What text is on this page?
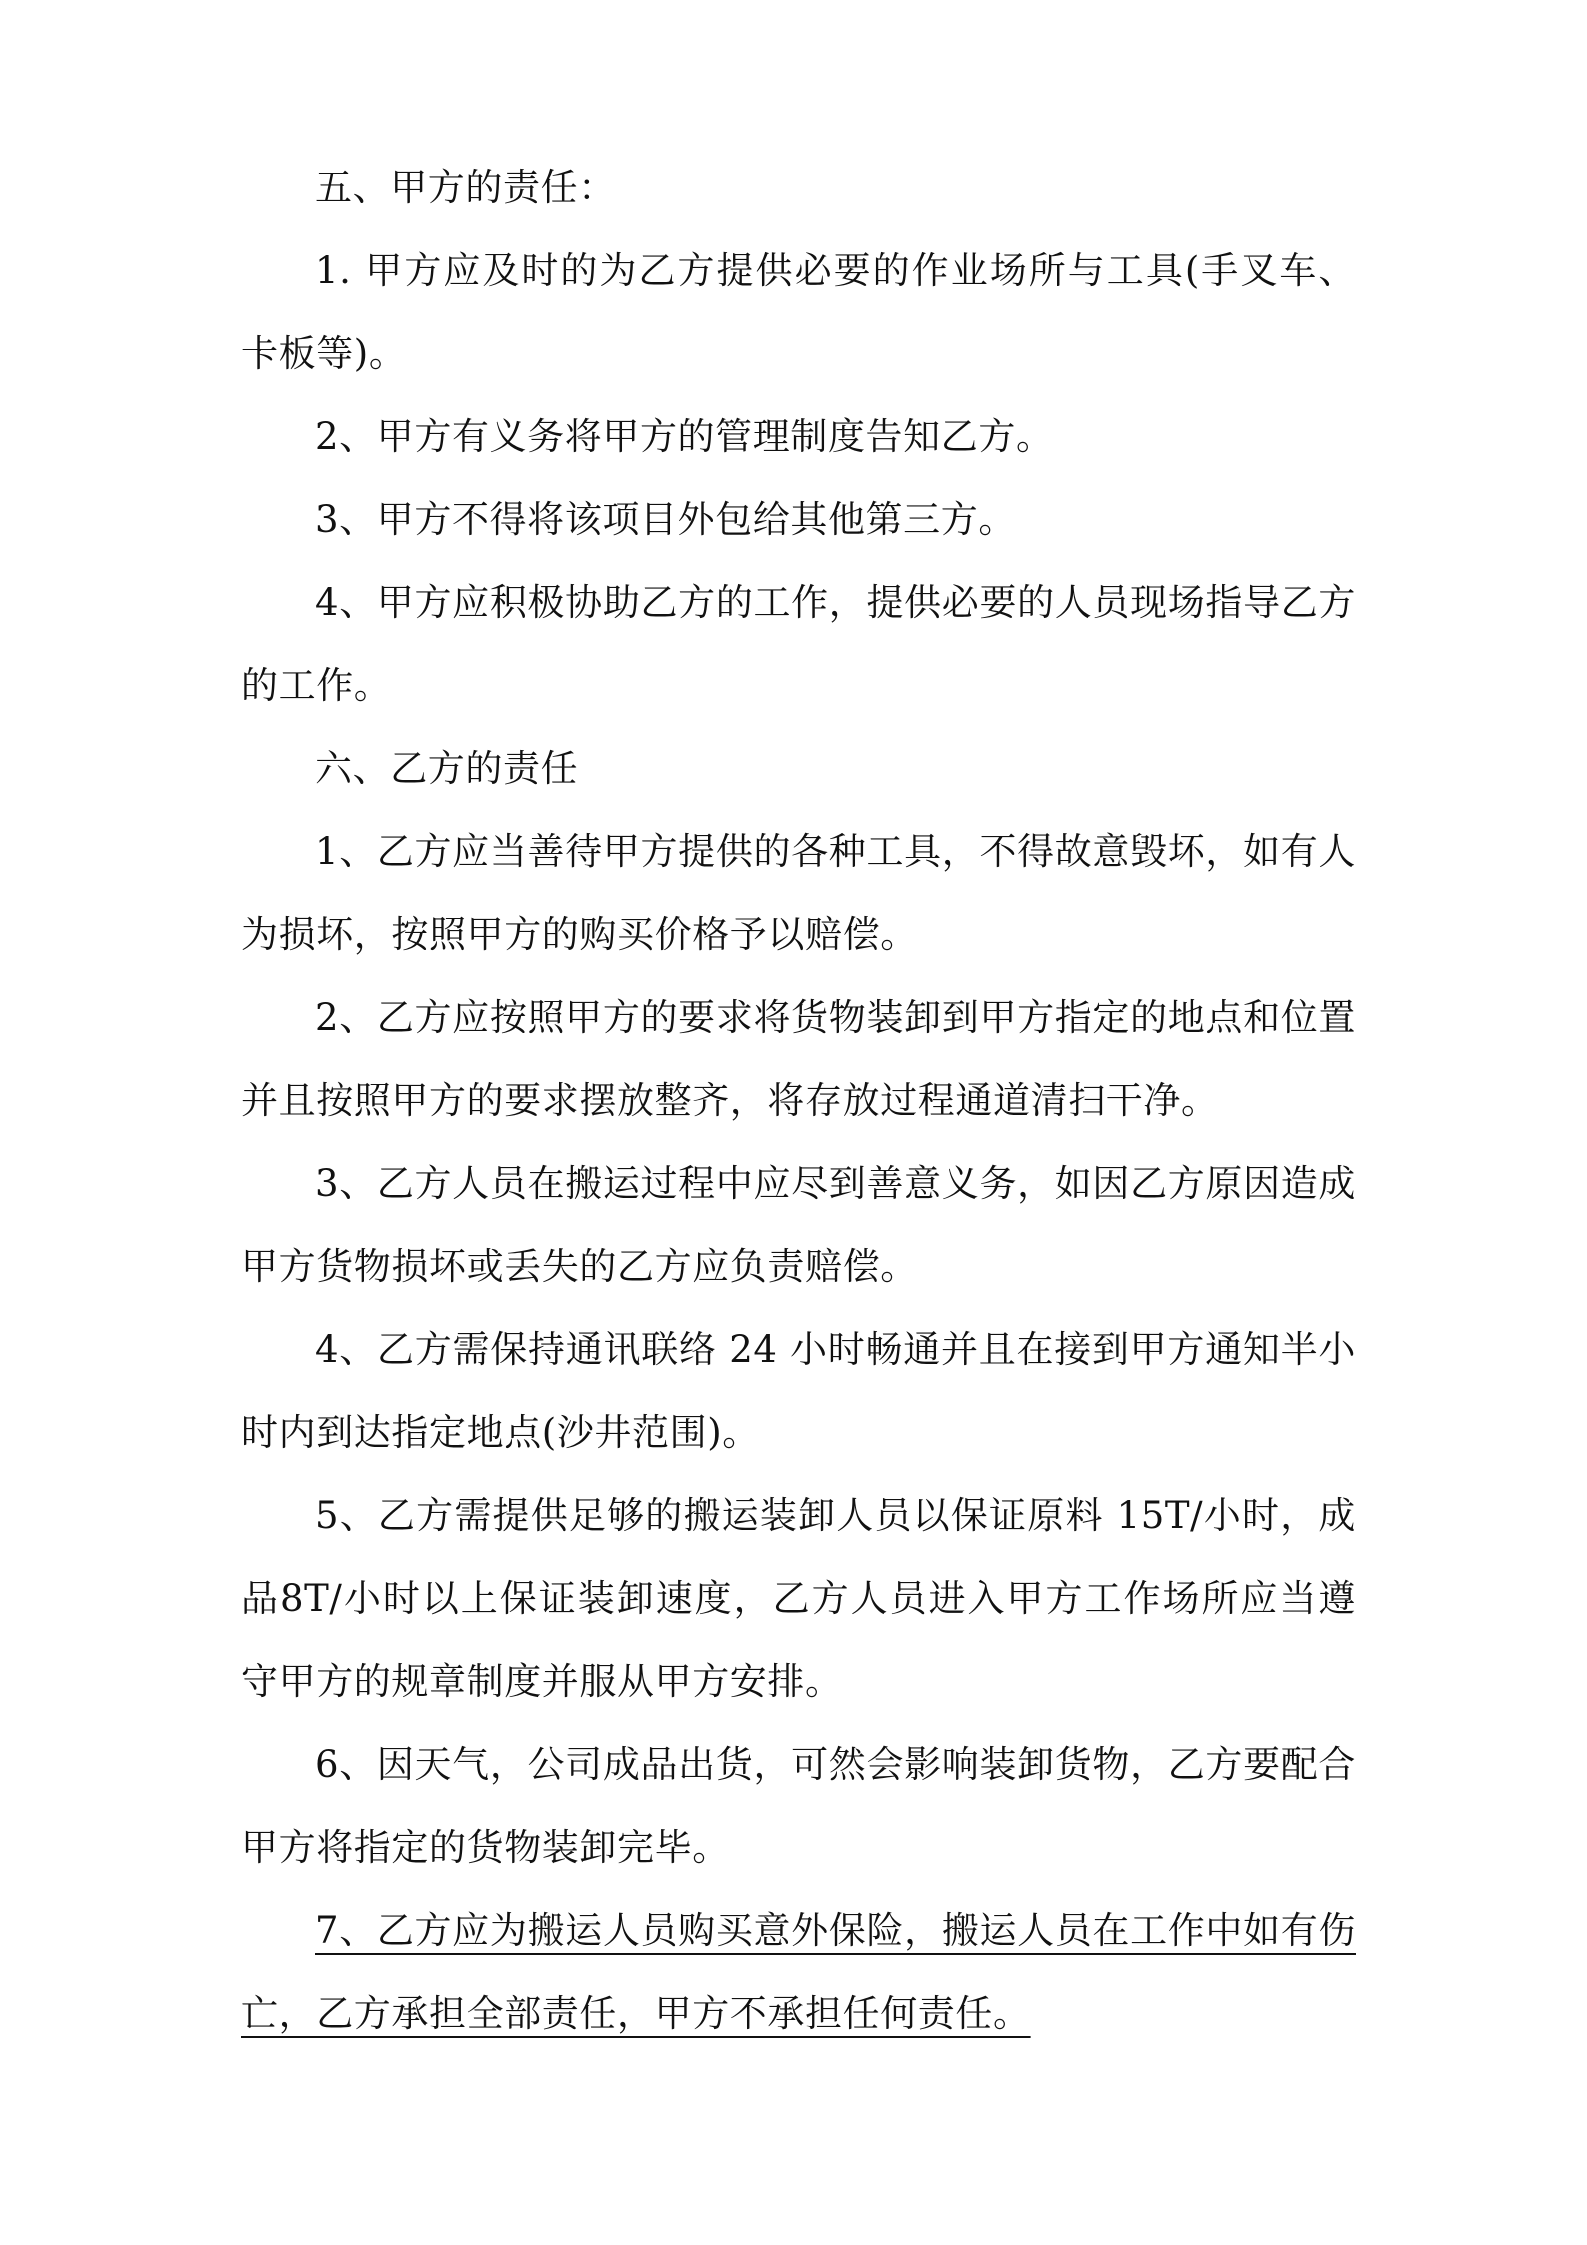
五、甲方的责任：

1. 甲方应及时的为乙方提供必要的作业场所与工具(手叉车、卡板等)。

2、甲方有义务将甲方的管理制度告知乙方。

3、甲方不得将该项目外包给其他第三方。

4、甲方应积极协助乙方的工作，提供必要的人员现场指导乙方的工作。

六、乙方的责任

1、乙方应当善待甲方提供的各种工具，不得故意毁坏，如有人为损坏，按照甲方的购买价格予以赔偿。

2、乙方应按照甲方的要求将货物装卸到甲方指定的地点和位置并且按照甲方的要求摆放整齐，将存放过程通道清扫干净。

3、乙方人员在搬运过程中应尽到善意义务，如因乙方原因造成甲方货物损坏或丢失的乙方应负责赔偿。

4、乙方需保持通讯联络 24 小时畅通并且在接到甲方通知半小时内到达指定地点(沙井范围)。

5、乙方需提供足够的搬运装卸人员以保证原料 15T/小时，成品8T/小时以上保证装卸速度，乙方人员进入甲方工作场所应当遵守甲方的规章制度并服从甲方安排。

6、因天气，公司成品出货，可然会影响装卸货物，乙方要配合甲方将指定的货物装卸完毕。

7、乙方应为搬运人员购买意外保险，搬运人员在工作中如有伤亡，乙方承担全部责任，甲方不承担任何责任。
